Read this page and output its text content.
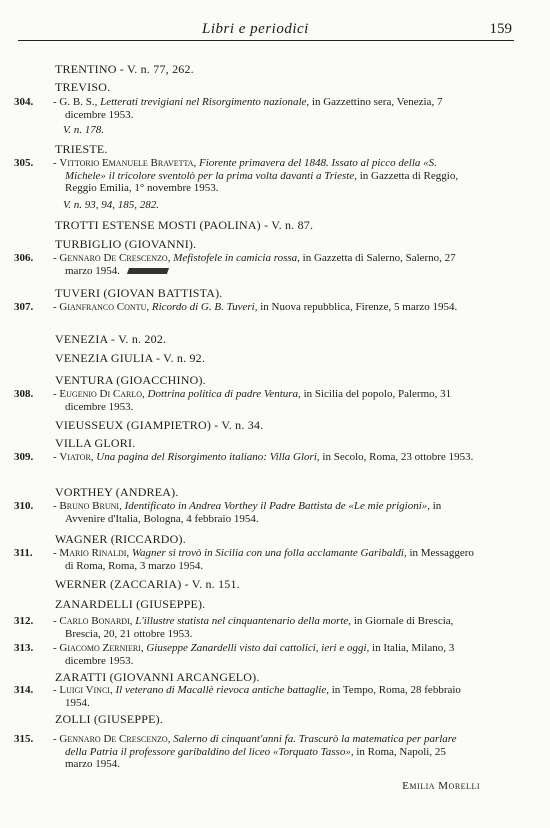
Libri e periodici	159
TRENTINO - V. n. 77, 262.
TREVISO.
304.	- G. B. S., Letterati trevigiani nel Risorgimento nazionale, in Gazzettino sera, Venezia, 7 dicembre 1953.
V. n. 178.
TRIESTE.
305.	- Vittorio Emanuele Bravetta, Fiorente primavera del 1848. Issato al picco della «S. Michele» il tricolore sventolò per la prima volta davanti a Trieste, in Gazzetta di Reggio, Reggio Emilia, 1° novembre 1953.
V. n. 93, 94, 185, 282.
TROTTI ESTENSE MOSTI (PAOLINA) - V. n. 87.
TURBIGLIO (GIOVANNI).
306.	- Gennaro De Crescenzo, Mefistofele in camicia rossa, in Gazzetta di Salerno, Salerno, 27 marzo 1954.
TUVERI (GIOVAN BATTISTA).
307.	- Gianfranco Contu, Ricordo di G. B. Tuveri, in Nuova repubblica, Firenze, 5 marzo 1954.
VENEZIA - V. n. 202.
VENEZIA GIULIA - V. n. 92.
VENTURA (GIOACCHINO).
308.	- Eugenio Di Carlo, Dottrina politica di padre Ventura, in Sicilia del popolo, Palermo, 31 dicembre 1953.
VIEUSSEUX (GIAMPIETRO) - V. n. 34.
VILLA GLORI.
309.	- Viator, Una pagina del Risorgimento italiano: Villa Glori, in Secolo, Roma, 23 ottobre 1953.
VORTHEY (ANDREA).
310.	- Bruno Bruni, Identificato in Andrea Vorthey il Padre Battista de «Le mie prigioni», in Avvenire d'Italia, Bologna, 4 febbraio 1954.
WAGNER (RICCARDO).
311.	- Mario Rinaldi, Wagner si trovò in Sicilia con una folla acclamante Garibaldi, in Messaggero di Roma, Roma, 3 marzo 1954.
WERNER (ZACCARIA) - V. n. 151.
ZANARDELLI (GIUSEPPE).
312.	- Carlo Bonardi, L'illustre statista nel cinquantenario della morte, in Giornale di Brescia, Brescia, 20, 21 ottobre 1953.
313.	- Giacomo Zernieri, Giuseppe Zanardelli visto dai cattolici, ieri e oggi, in Italia, Milano, 3 dicembre 1953.
ZARATTI (GIOVANNI ARCANGELO).
314.	- Luigi Vinci, Il veterano di Macallè rievoca antiche battaglie, in Tempo, Roma, 28 febbraio 1954.
ZOLLI (GIUSEPPE).
315.	- Gennaro De Crescenzo, Salerno di cinquant'anni fa. Trascurò la matematica per parlare della Patria il professore garibaldino del liceo «Torquato Tasso», in Roma, Napoli, 25 marzo 1954.
Emilia Morelli
